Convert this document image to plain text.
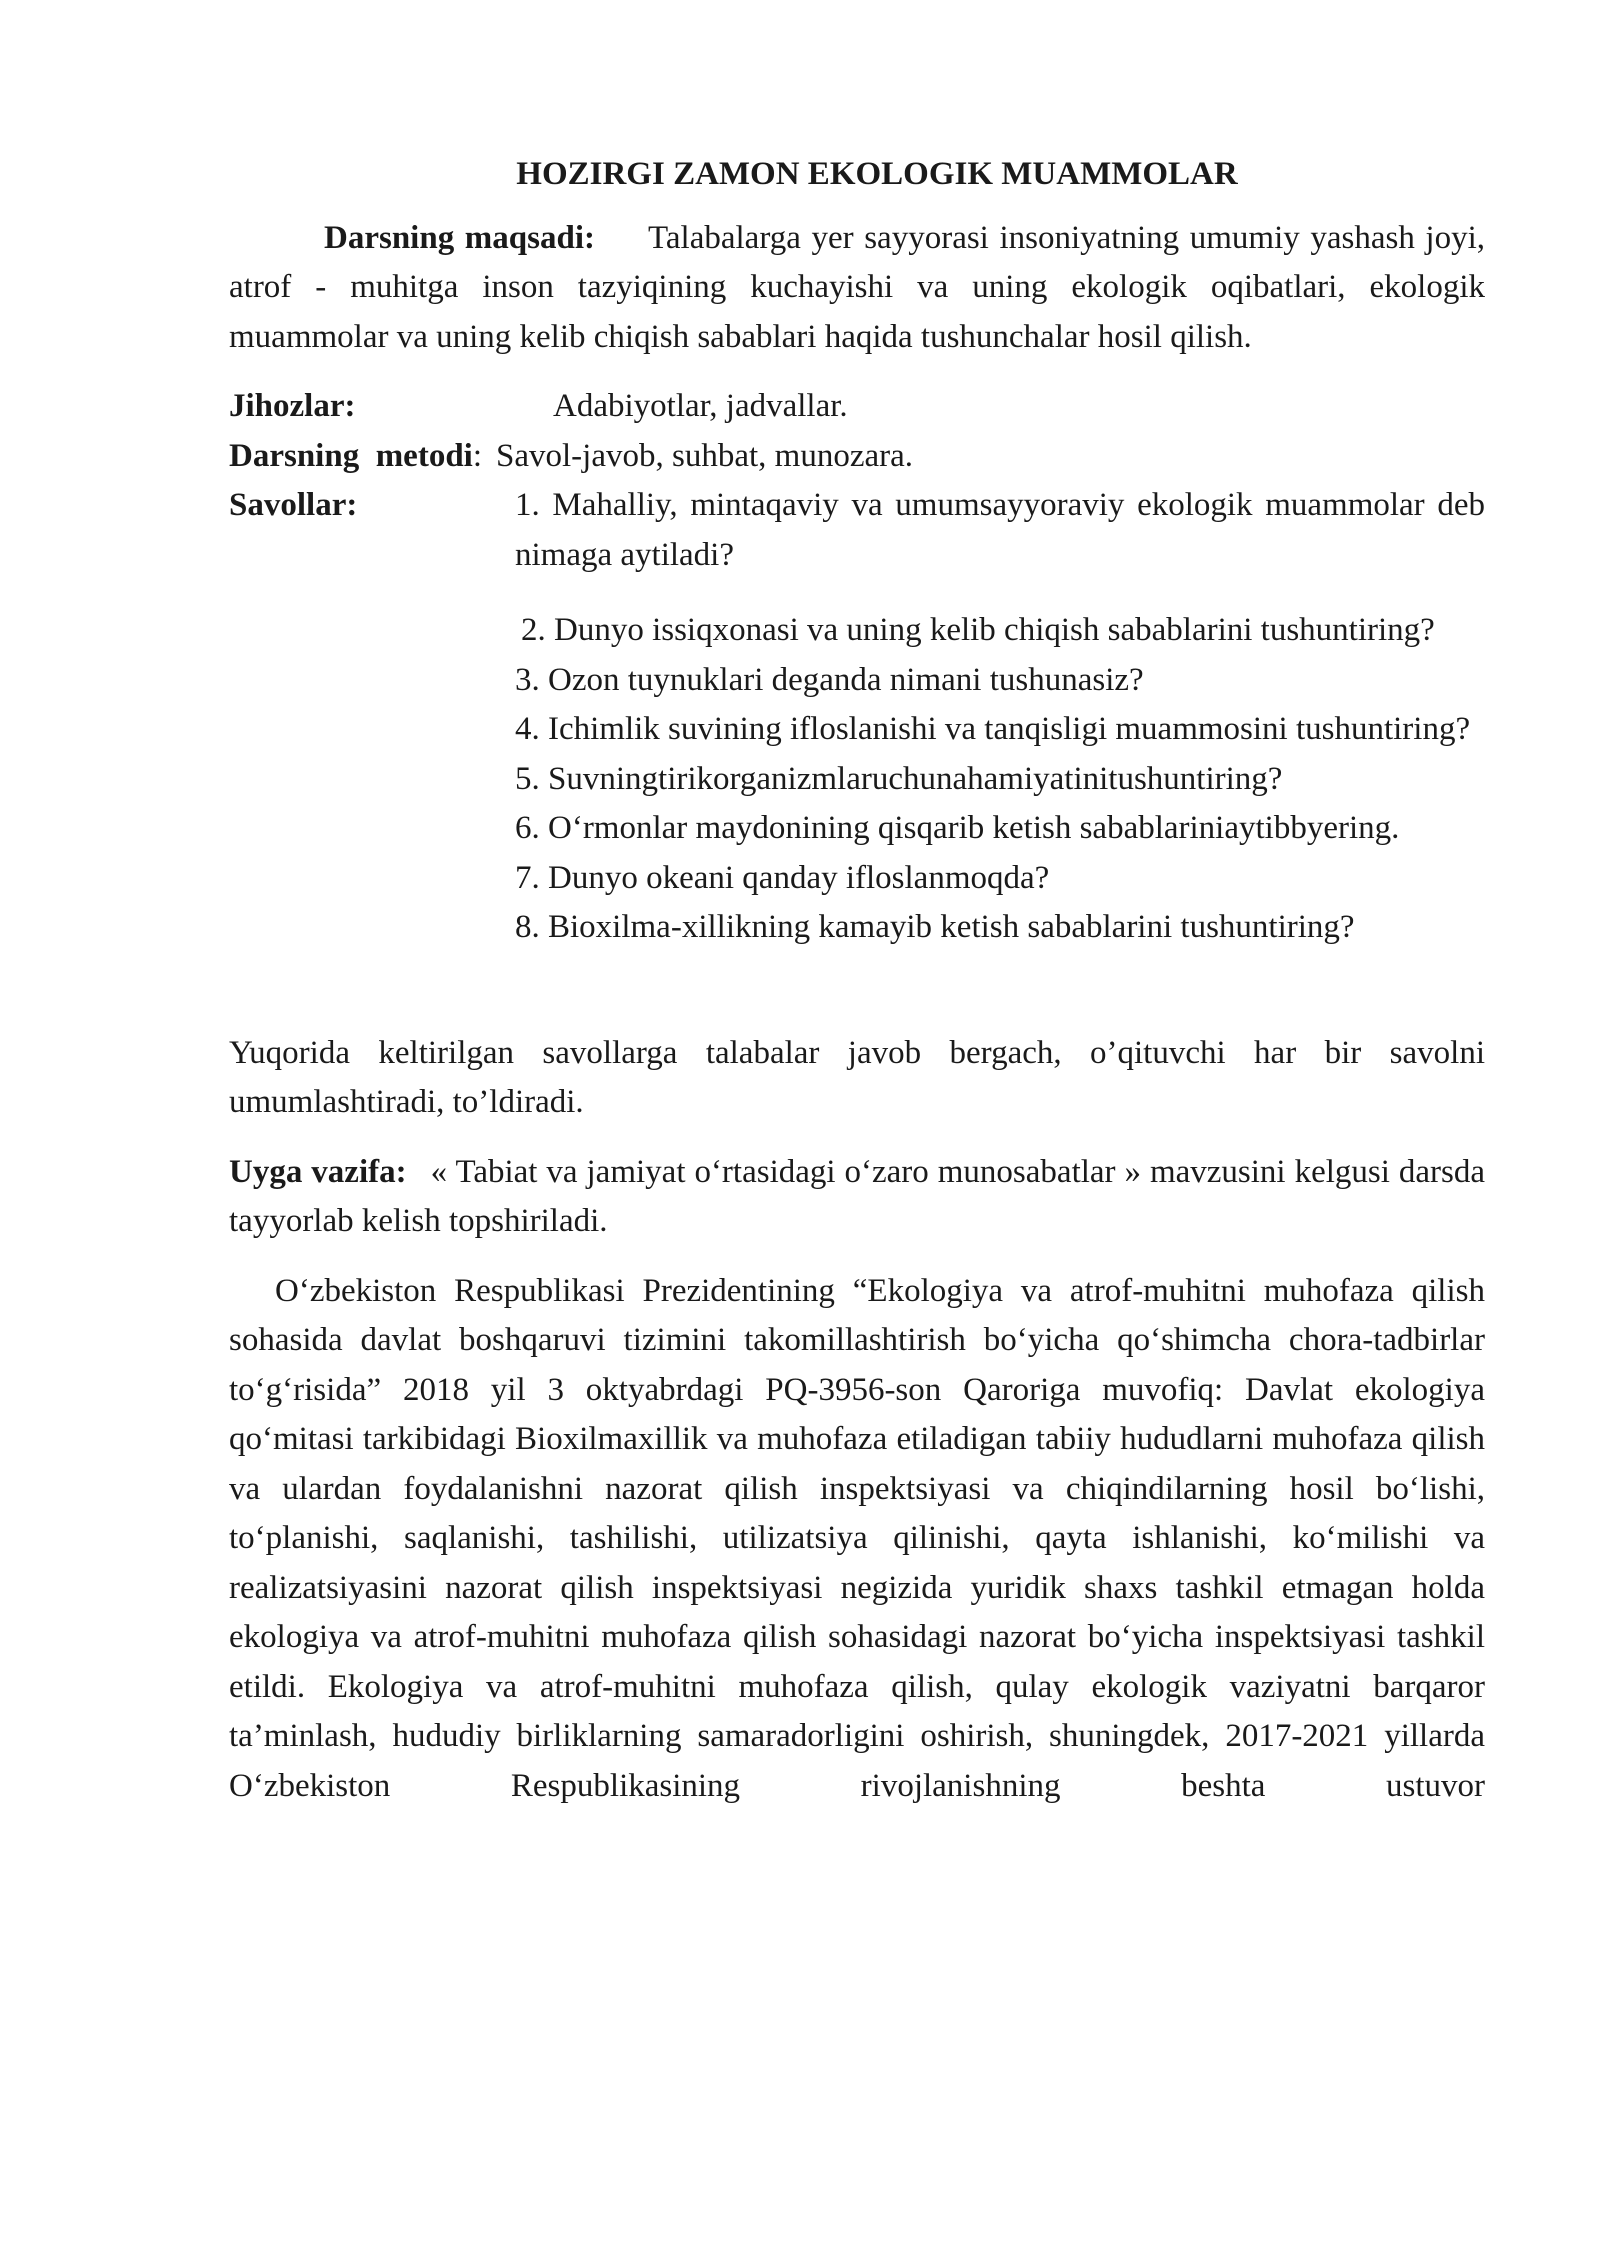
HOZIRGI ZAMON EKOLOGIK MUAMMOLAR

Darsning maqsadi: Talabalarga yer sayyorasi insoniyatning umumiy yashash joyi, atrof - muhitga inson tazyiqining kuchayishi va uning ekologik oqibatlari, ekologik muammolar va uning kelib chiqish sabablari haqida tushunchalar hosil qilish.

Jihozlar:	Adabiyotlar, jadvallar.
Darsning  metodi : Savol-javob, suhbat, munozara.
Savollar:	1. Mahalliy, mintaqaviy va umumsayyoraviy ekologik muammolar deb nimaga aytiladi?

2. Dunyo issiqxonasi va uning kelib chiqish sabablarini tushuntiring?

3. Ozon tuynuklari deganda nimani tushunasiz?

4. Ichimlik suvining ifloslanishi va tanqisligi muammosini tushuntiring?

5. Suvningtirikorganizmlaruchunahamiyatinitushuntiring?

6. O‘rmonlar maydonining qisqarib ketish sabablariniaytibbyering.

7. Dunyo okeani qanday ifloslanmoqda?

8. Bioxilma-xillikning kamayib ketish sabablarini tushuntiring?

Yuqorida keltirilgan savollarga talabalar javob bergach, o’qituvchi har bir savolni umumlashtiradi, to’ldiradi.

Uyga vazifa: « Tabiat va jamiyat o‘rtasidagi o‘zaro munosabatlar » mavzusini kelgusi darsda tayyorlab kelish topshiriladi.

O‘zbekiston Respublikasi Prezidentining “Ekologiya va atrof-muhitni muhofaza qilish sohasida davlat boshqaruvi tizimini takomillashtirish bo‘yicha qo‘shimcha chora-tadbirlar to‘g‘risida” 2018 yil 3 oktyabrdagi PQ-3956-son Qaroriga muvofiq: Davlat ekologiya qo‘mitasi tarkibidagi Bioxilmaxillik va muhofaza etiladigan tabiiy hududlarni muhofaza qilish va ulardan foydalanishni nazorat qilish inspektsiyasi va chiqindilarning hosil bo‘lishi, to‘planishi, saqlanishi, tashilishi, utilizatsiya qilinishi, qayta ishlanishi, ko‘milishi va realizatsiyasini nazorat qilish inspektsiyasi negizida yuridik shaxs tashkil etmagan holda ekologiya va atrof-muhitni muhofaza qilish sohasidagi nazorat bo‘yicha inspektsiyasi tashkil etildi. Ekologiya va atrof-muhitni muhofaza qilish, qulay ekologik vaziyatni barqaror ta’minlash, hududiy birliklarning samaradorligini oshirish, shuningdek, 2017-2021 yillarda O‘zbekiston Respublikasining rivojlanishning beshta ustuvor
